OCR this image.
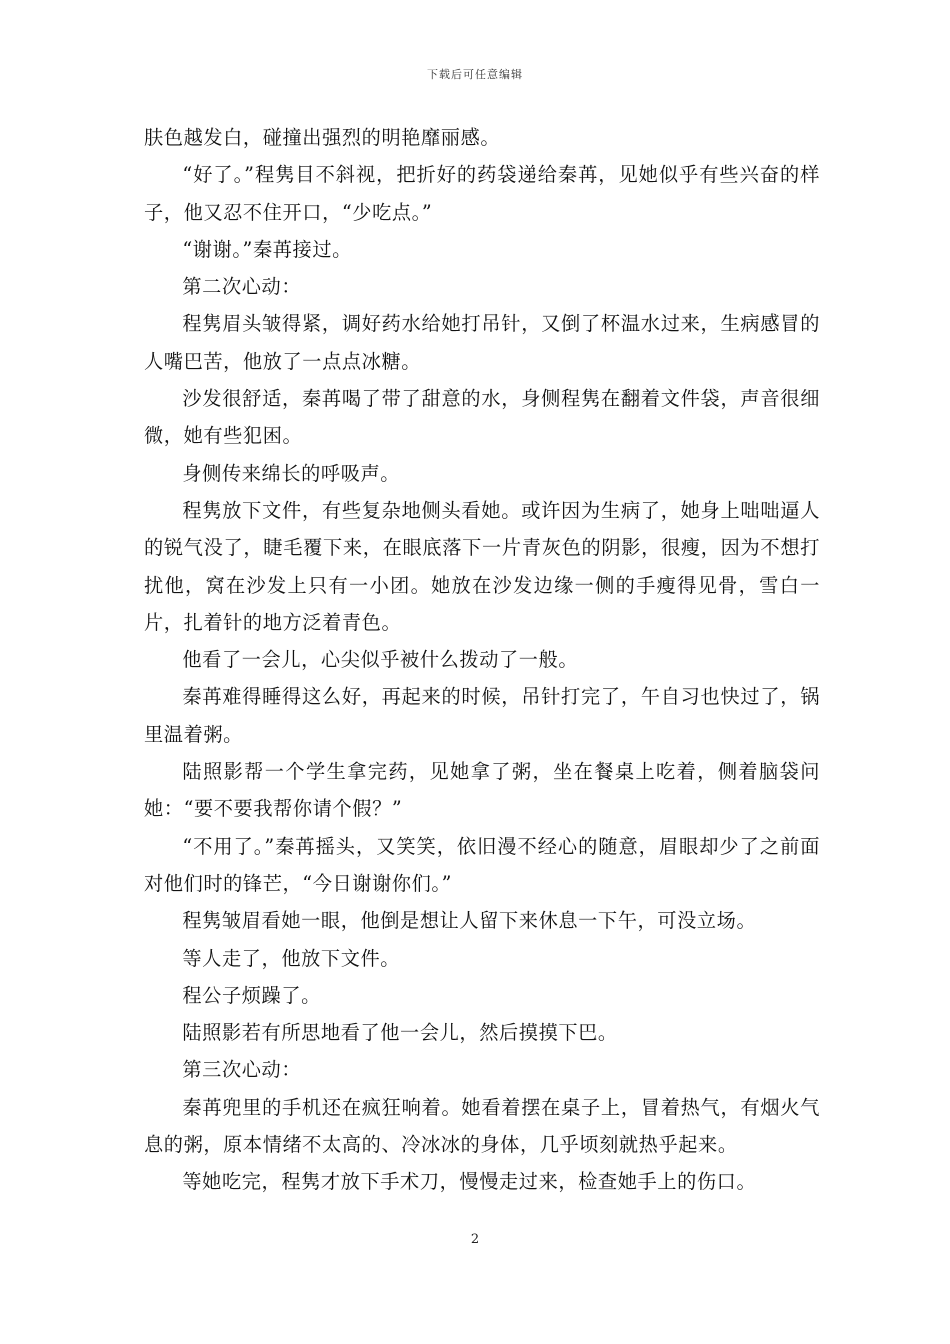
下载后可任意编辑

肤色越发白，碰撞出强烈的明艳靡丽感。

“好了。”程隽目不斜视，把折好的药袋递给秦苒，见她似乎有些兴奋的样子，他又忍不住开口，“少吃点。”

“谢谢。”秦苒接过。

第二次心动：

程隽眉头皱得紧，调好药水给她打吊针，又倒了杯温水过来，生病感冒的人嘴巴苦，他放了一点点冰糖。

沙发很舒适，秦苒喝了带了甜意的水，身侧程隽在翻着文件袋，声音很细微，她有些犯困。

身侧传来绵长的呼吸声。

程隽放下文件，有些复杂地侧头看她。或许因为生病了，她身上咄咄逼人的锐气没了，睫毛覆下来，在眼底落下一片青灰色的阴影，很瘦，因为不想打扰他，窝在沙发上只有一小团。她放在沙发边缘一侧的手瘦得见骨，雪白一片，扎着针的地方泛着青色。

他看了一会儿，心尖似乎被什么拨动了一般。

秦苒难得睡得这么好，再起来的时候，吊针打完了，午自习也快过了，锅里温着粥。

陆照影帮一个学生拿完药，见她拿了粥，坐在餐桌上吃着，侧着脑袋问她：“要不要我帮你请个假？”

“不用了。”秦苒摇头，又笑笑，依旧漫不经心的随意，眉眼却少了之前面对他们时的锋芒，“今日谢谢你们。”

程隽皱眉看她一眼，他倒是想让人留下来休息一下午，可没立场。

等人走了，他放下文件。

程公子烦躁了。

陆照影若有所思地看了他一会儿，然后摸摸下巴。

第三次心动：

秦苒兜里的手机还在疯狂响着。她看着摆在桌子上，冒着热气，有烟火气息的粥，原本情绪不太高的、冷冰冰的身体，几乎顷刻就热乎起来。

等她吃完，程隽才放下手术刀，慢慢走过来，检查她手上的伤口。

2
